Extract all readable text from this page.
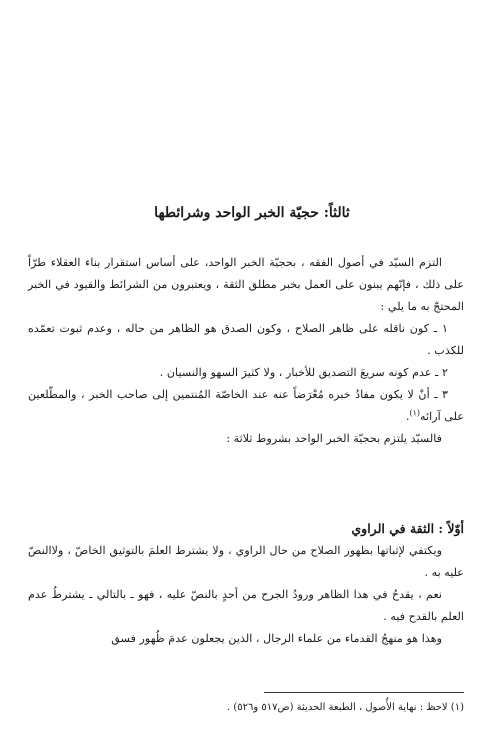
ثالثاً: حجيّة الخبر الواحد وشرائطها

التزم السيّد في أصول الفقه ، بحجيّة الخبر الواحد، على أساس استقرار بناء العقلاء طرّاً على ذلك ، فإنّهم يبنون على العمل بخبر مطلق الثقة ، ويعتبرون من الشرائط والقيود في الخبر المحتجّ به ما يلي :

١ ـ كون ناقله على ظاهر الصلاح ، وكون الصدق هو الظاهر من حاله ، وعدم ثبوت تعمّده للكذب .

٢ ـ عدم كونه سريعَ التصديق للأخبار ، ولا كثيرَ السهو والنسيان .

٣ ـ أنْ لا يكون مفادُ خبره مُعْرَضاً عنه عند الخاصّة المُنتمين إلى صاحب الخبر ، والمطّلعين على آرائه$^{(١)}$.

فالسيّد يلتزم بحجيّة الخبر الواحد بشروط ثلاثة :

أوّلاً : الثقة في الراوي

ويكتفي لإثباتها بظهور الصلاح من حال الراوي ، ولا يشترط العلمَ بالتوثيق الخاصّ ، ولاالنصّ عليه به .

نعم ، يقدحُ في هذا الظاهر ورودُ الجرح من أحدٍ بالنصّ عليه ، فهو ـ بالتالي ـ يشترطُ عدم العلم بالقدح فيه .

وهذا هو منهجُ القدماء من علماء الرجال ، الذين يجعلون عدمَ ظُهور فسق

(١) لاحظ : نهاية الأُصول ، الطبعة الحديثة (ص٥١٧ و٥٢٦) .
